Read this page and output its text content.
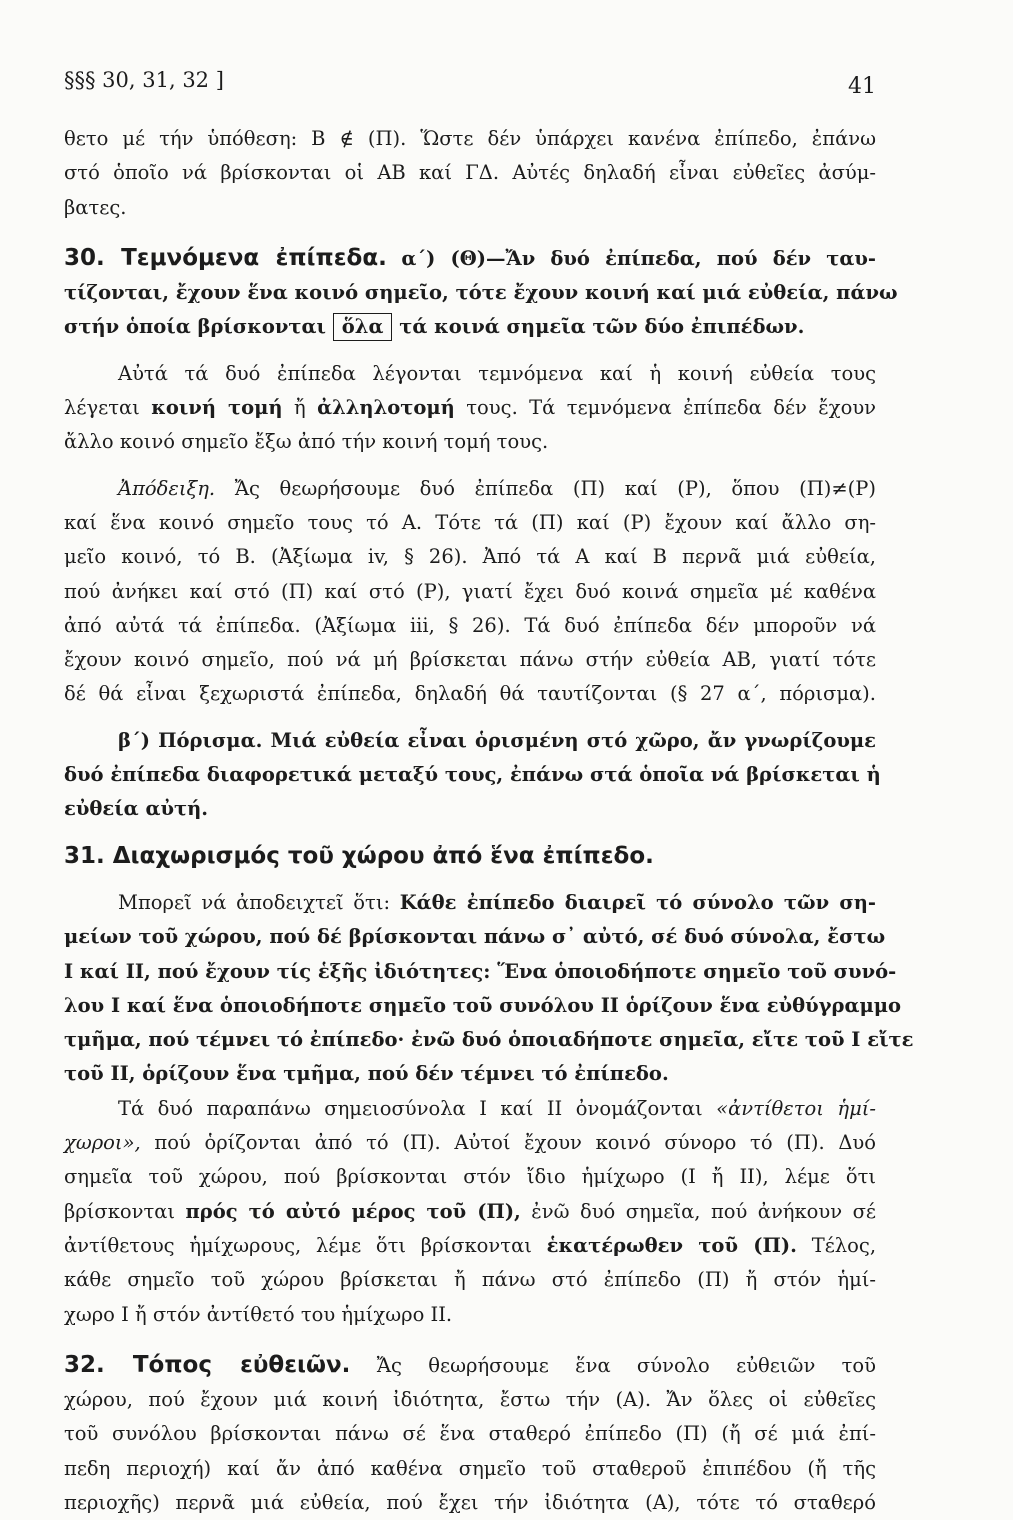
§§§ 30, 31, 32 ]	41
θετο μέ τήν ὑπόθεση: Β ∉ (Π). Ὥστε δέν ὑπάρχει κανένα ἐπίπεδο, ἐπάνω
στό ὁποῖο νά βρίσκονται οἱ ΑΒ καί ΓΔ. Αὐτές δηλαδή εἶναι εὐθεῖες ἀσύμ-
βατες.
30. Τεμνόμενα ἐπίπεδα. α΄) (Θ)—Ἄν δυό ἐπίπεδα, πού δέν ταυ-
τίζονται, ἔχουν ἕνα κοινό σημεῖο, τότε ἔχουν κοινή καί μιά εὐθεία, πάνω
στήν ὁποία βρίσκονται ὅλα τά κοινά σημεῖα τῶν δύο ἐπιπέδων.
Αὐτά τά δυό ἐπίπεδα λέγονται τεμνόμενα καί ἡ κοινή εὐθεία τους
λέγεται κοινή τομή ἤ ἀλληλοτομή τους. Τά τεμνόμενα ἐπίπεδα δέν ἔχουν
ἄλλο κοινό σημεῖο ἔξω ἀπό τήν κοινή τομή τους.
Ἀπόδειξη. Ἄς θεωρήσουμε δυό ἐπίπεδα (Π) καί (Ρ), ὅπου (Π)≠(Ρ)
καί ἕνα κοινό σημεῖο τους τό Α. Τότε τά (Π) καί (Ρ) ἔχουν καί ἄλλο ση-
μεῖο κοινό, τό Β. (Ἀξίωμα iv, § 26). Ἀπό τά Α καί Β περνᾶ μιά εὐθεία,
πού ἀνήκει καί στό (Π) καί στό (Ρ), γιατί ἔχει δυό κοινά σημεῖα μέ καθένα
ἀπό αὐτά τά ἐπίπεδα. (Ἀξίωμα iii, § 26). Τά δυό ἐπίπεδα δέν μποροῦν νά
ἔχουν κοινό σημεῖο, πού νά μή βρίσκεται πάνω στήν εὐθεία ΑΒ, γιατί τότε
δέ θά εἶναι ξεχωριστά ἐπίπεδα, δηλαδή θά ταυτίζονται (§ 27 α΄, πόρισμα).
β΄) Πόρισμα. Μιά εὐθεία εἶναι ὁρισμένη στό χῶρο, ἄν γνωρίζουμε
δυό ἐπίπεδα διαφορετικά μεταξύ τους, ἐπάνω στά ὁποῖα νά βρίσκεται ἡ
εὐθεία αὐτή.
31. Διαχωρισμός τοῦ χώρου ἀπό ἕνα ἐπίπεδο.
Μπορεῖ νά ἀποδειχτεῖ ὅτι: Κάθε ἐπίπεδο διαιρεῖ τό σύνολο τῶν ση-
μείων τοῦ χώρου, πού δέ βρίσκονται πάνω σ᾽ αὐτό, σέ δυό σύνολα, ἔστω
Ι καί ΙΙ, πού ἔχουν τίς ἑξῆς ἰδιότητες: Ἕνα ὁποιοδήποτε σημεῖο τοῦ συνό-
λου Ι καί ἕνα ὁποιοδήποτε σημεῖο τοῦ συνόλου ΙΙ ὁρίζουν ἕνα εὐθύγραμμο
τμῆμα, πού τέμνει τό ἐπίπεδο· ἐνῶ δυό ὁποιαδήποτε σημεῖα, εἴτε τοῦ Ι εἴτε
τοῦ ΙΙ, ὁρίζουν ἕνα τμῆμα, πού δέν τέμνει τό ἐπίπεδο.
Τά δυό παραπάνω σημειοσύνολα Ι καί ΙΙ ὀνομάζονται «ἀντίθετοι ἡμί-
χωροι», πού ὁρίζονται ἀπό τό (Π). Αὐτοί ἔχουν κοινό σύνορο τό (Π). Δυό
σημεῖα τοῦ χώρου, πού βρίσκονται στόν ἴδιο ἡμίχωρο (Ι ἤ ΙΙ), λέμε ὅτι
βρίσκονται πρός τό αὐτό μέρος τοῦ (Π), ἐνῶ δυό σημεῖα, πού ἀνήκουν σέ
ἀντίθετους ἡμίχωρους, λέμε ὅτι βρίσκονται ἑκατέρωθεν τοῦ (Π). Τέλος,
κάθε σημεῖο τοῦ χώρου βρίσκεται ἤ πάνω στό ἐπίπεδο (Π) ἤ στόν ἡμί-
χωρο Ι ἤ στόν ἀντίθετό του ἡμίχωρο ΙΙ.
32. Τόπος εὐθειῶν. Ἄς θεωρήσουμε ἕνα σύνολο εὐθειῶν τοῦ
χώρου, πού ἔχουν μιά κοινή ἰδιότητα, ἔστω τήν (Α). Ἄν ὅλες οἱ εὐθεῖες
τοῦ συνόλου βρίσκονται πάνω σέ ἕνα σταθερό ἐπίπεδο (Π) (ἤ σέ μιά ἐπί-
πεδη περιοχή) καί ἄν ἀπό καθένα σημεῖο τοῦ σταθεροῦ ἐπιπέδου (ἤ τῆς
περιοχῆς) περνᾶ μιά εὐθεία, πού ἔχει τήν ἰδιότητα (Α), τότε τό σταθερό
